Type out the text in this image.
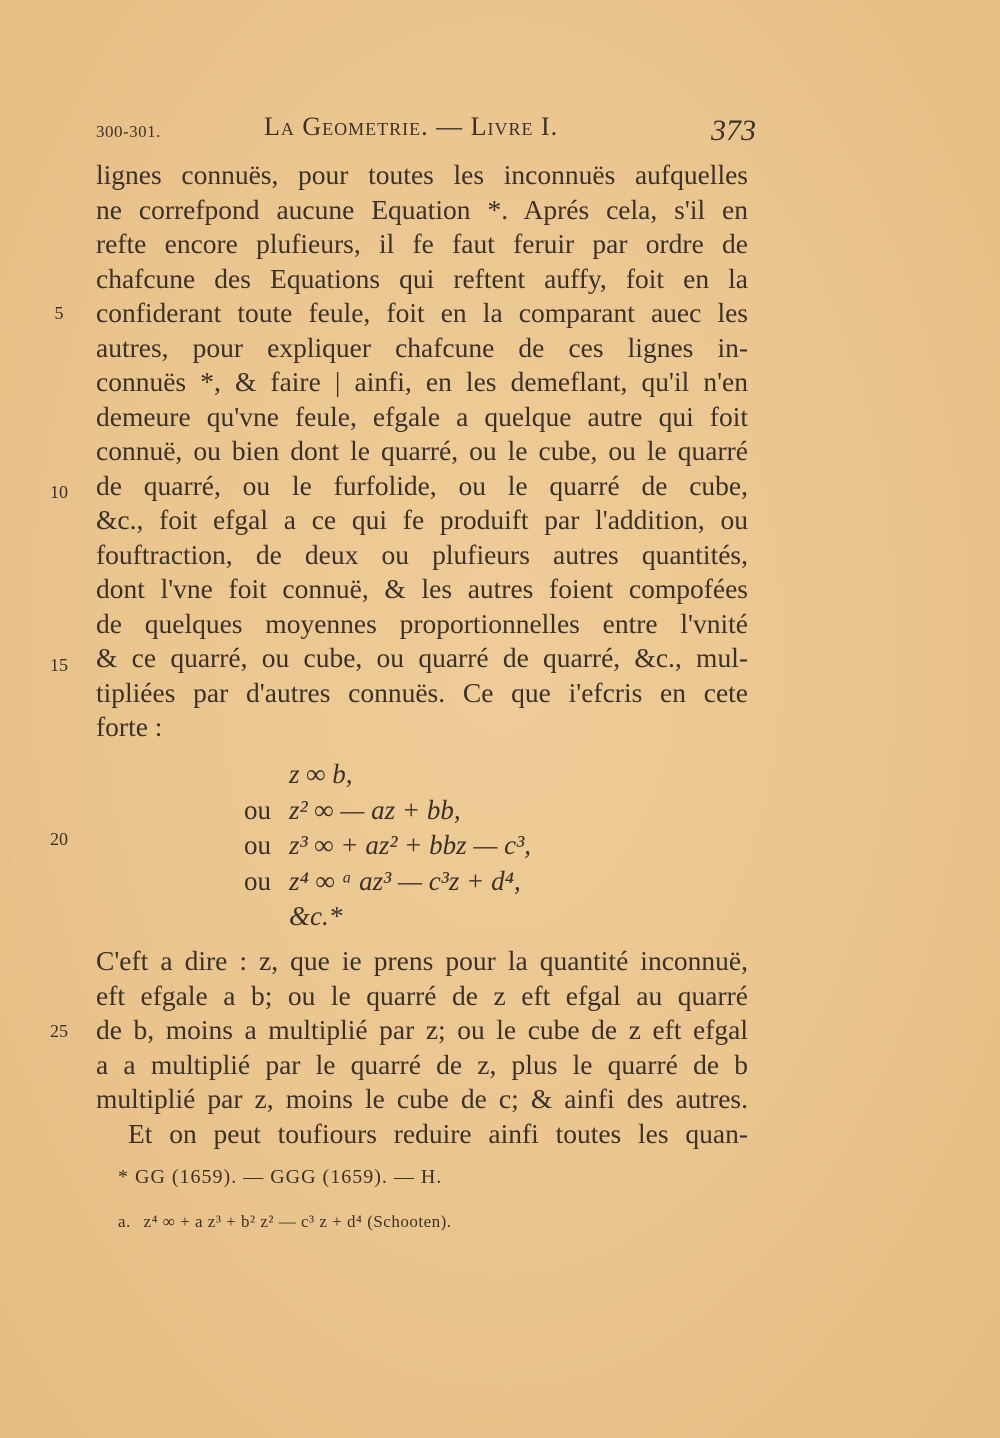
300-301.	La Geometrie. — Livre I.	373
lignes connuës, pour toutes les inconnuës aufquelles
ne correfpond aucune Equation *. Aprés cela, s'il en
refte encore plufieurs, il fe faut feruir par ordre de
chafcune des Equations qui reftent auffy, foit en la
confiderant toute feule, foit en la comparant auec les
autres, pour expliquer chafcune de ces lignes in-
connuës *, & faire | ainfi, en les demeflant, qu'il n'en
demeure qu'vne feule, efgale a quelque autre qui foit
connuë, ou bien dont le quarré, ou le cube, ou le quarré
de quarré, ou le furfolide, ou le quarré de cube,
&c., foit efgal a ce qui fe produift par l'addition, ou
fouftraction, de deux ou plufieurs autres quantités,
dont l'vne foit connuë, & les autres foient compofées
de quelques moyennes proportionnelles entre l'vnité
& ce quarré, ou cube, ou quarré de quarré, &c., mul-
tipliées par d'autres connuës. Ce que i'efcris en cete
forte :
5
10
15
20
25
z ∞ b,
ou z² ∞ — az + bb,
ou z³ ∞ + az² + bbz — c³,
ou z⁴ ∞ ᵃ az³ — c³z + d⁴,
&c.*
C'eft a dire : z, que ie prens pour la quantité inconnuë,
eft efgale a b; ou le quarré de z eft efgal au quarré
de b, moins a multiplié par z; ou le cube de z eft efgal
a a multiplié par le quarré de z, plus le quarré de b
multiplié par z, moins le cube de c; & ainfi des autres.
Et on peut toufiours reduire ainfi toutes les quan-
* GG (1659). — GGG (1659). — H.
a. z⁴ ∞ + a z³ + b² z² — c³ z + d⁴ (Schooten).
